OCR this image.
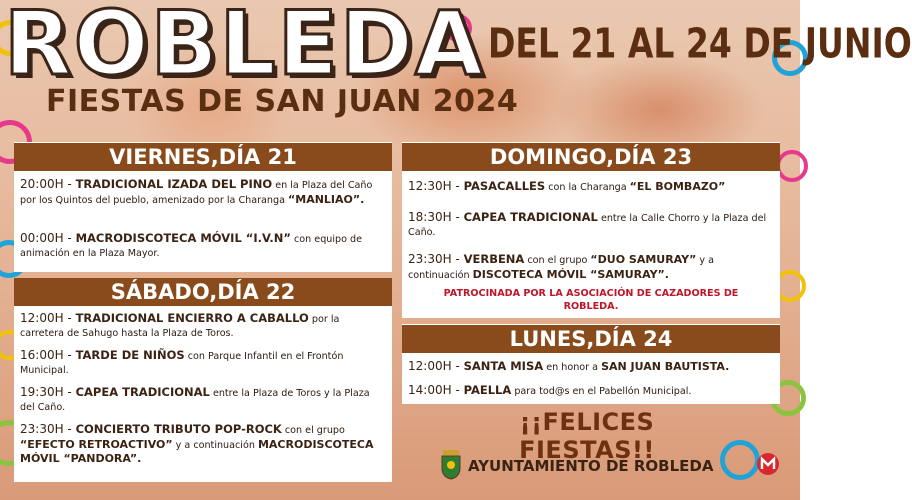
ROBLEDA
FIESTAS DE SAN JUAN 2024
DEL 21 AL 24 DE JUNIO
VIERNES,DÍA 21
20:00H - TRADICIONAL IZADA DEL PINO en la Plaza del Caño por los Quintos del pueblo, amenizado por la Charanga “MANLIAO”.
00:00H - MACRODISCOTECA MÓVIL “I.V.N” con equipo de animación en la Plaza Mayor.
SÁBADO,DÍA 22
12:00H - TRADICIONAL ENCIERRO A CABALLO por la carretera de Sahugo hasta la Plaza de Toros.
16:00H - TARDE DE NIÑOS con Parque Infantil en el Frontón Municipal.
19:30H - CAPEA TRADICIONAL entre la Plaza de Toros y la Plaza del Caño.
23:30H - CONCIERTO TRIBUTO POP-ROCK con el grupo “EFECTO RETROACTIVO” y a continuación MACRODISCOTECA MÓVIL “PANDORA”.
DOMINGO,DÍA 23
12:30H - PASACALLES con la Charanga “EL BOMBAZO”
18:30H - CAPEA TRADICIONAL entre la Calle Chorro y la Plaza del Caño.
23:30H - VERBENA con el grupo “DUO SAMURAY” y a continuación DISCOTECA MÓVIL “SAMURAY”.
PATROCINADA POR LA ASOCIACIÓN DE CAZADORES DE ROBLEDA.
LUNES,DÍA 24
12:00H - SANTA MISA en honor a SAN JUAN BAUTISTA.
14:00H - PAELLA para tod@s en el Pabellón Municipal.
¡¡FELICES FIESTAS!!
AYUNTAMIENTO DE ROBLEDA
